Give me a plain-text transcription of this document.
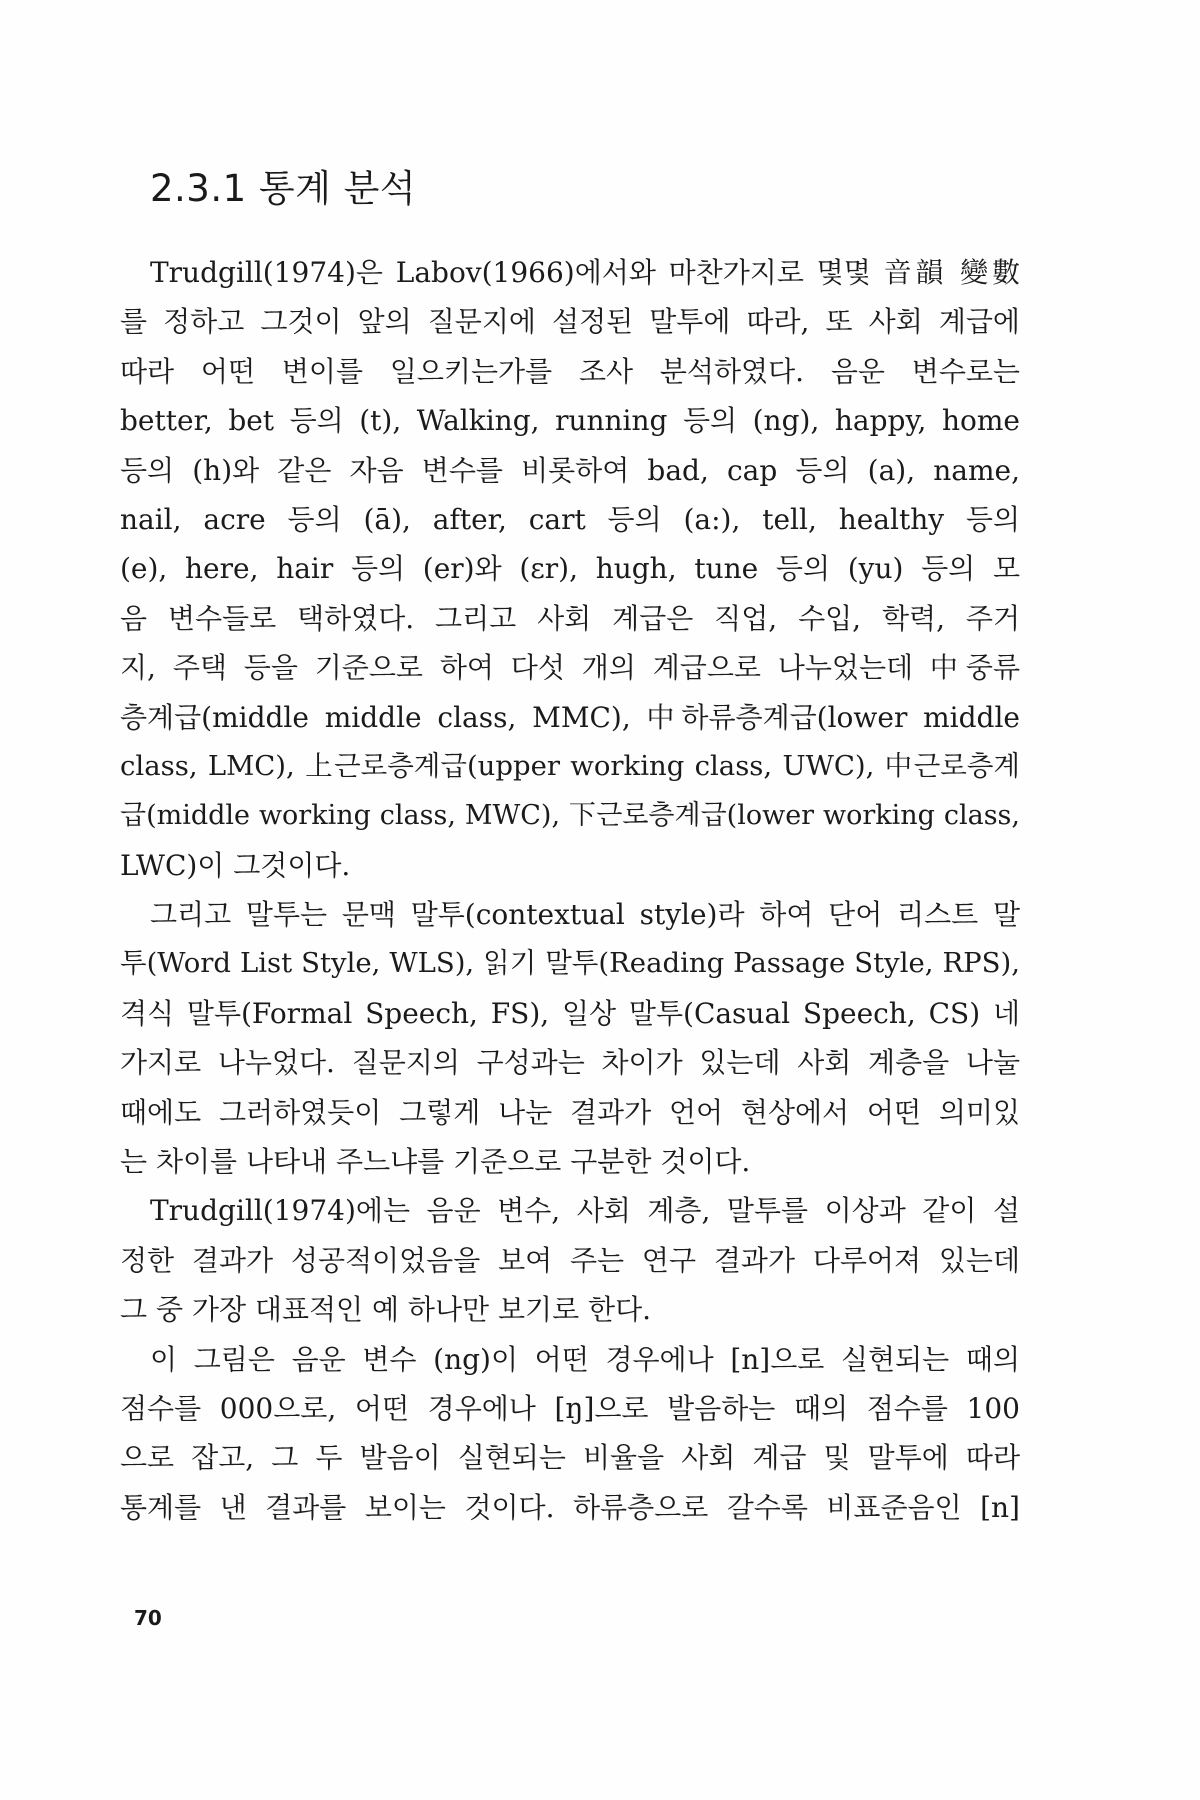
2.3.1 통계 분석
Trudgill(1974)은 Labov(1966)에서와 마찬가지로 몇몇 音韻 變數
를 정하고 그것이 앞의 질문지에 설정된 말투에 따라, 또 사회 계급에
따라 어떤 변이를 일으키는가를 조사 분석하였다. 음운 변수로는
better, bet 등의 (t), Walking, running 등의 (ng), happy, home
등의 (h)와 같은 자음 변수를 비롯하여 bad, cap 등의 (a), name,
nail, acre 등의 (ā), after, cart 등의 (a:), tell, healthy 등의
(e), here, hair 등의 (er)와 (ɛr), hugh, tune 등의 (yu) 등의 모
음 변수들로 택하였다. 그리고 사회 계급은 직업, 수입, 학력, 주거
지, 주택 등을 기준으로 하여 다섯 개의 계급으로 나누었는데 中중류
층계급(middle middle class, MMC), 中하류층계급(lower middle
class, LMC), 上근로층계급(upper working class, UWC), 中근로층계
급(middle working class, MWC), 下근로층계급(lower working class,
LWC)이 그것이다.
그리고 말투는 문맥 말투(contextual style)라 하여 단어 리스트 말
투(Word List Style, WLS), 읽기 말투(Reading Passage Style, RPS),
격식 말투(Formal Speech, FS), 일상 말투(Casual Speech, CS) 네
가지로 나누었다. 질문지의 구성과는 차이가 있는데 사회 계층을 나눌
때에도 그러하였듯이 그렇게 나눈 결과가 언어 현상에서 어떤 의미있
는 차이를 나타내 주느냐를 기준으로 구분한 것이다.
Trudgill(1974)에는 음운 변수, 사회 계층, 말투를 이상과 같이 설
정한 결과가 성공적이었음을 보여 주는 연구 결과가 다루어져 있는데
그 중 가장 대표적인 예 하나만 보기로 한다.
이 그림은 음운 변수 (ng)이 어떤 경우에나 [n]으로 실현되는 때의
점수를 000으로, 어떤 경우에나 [ŋ]으로 발음하는 때의 점수를 100
으로 잡고, 그 두 발음이 실현되는 비율을 사회 계급 및 말투에 따라
통계를 낸 결과를 보이는 것이다. 하류층으로 갈수록 비표준음인 [n]
70
